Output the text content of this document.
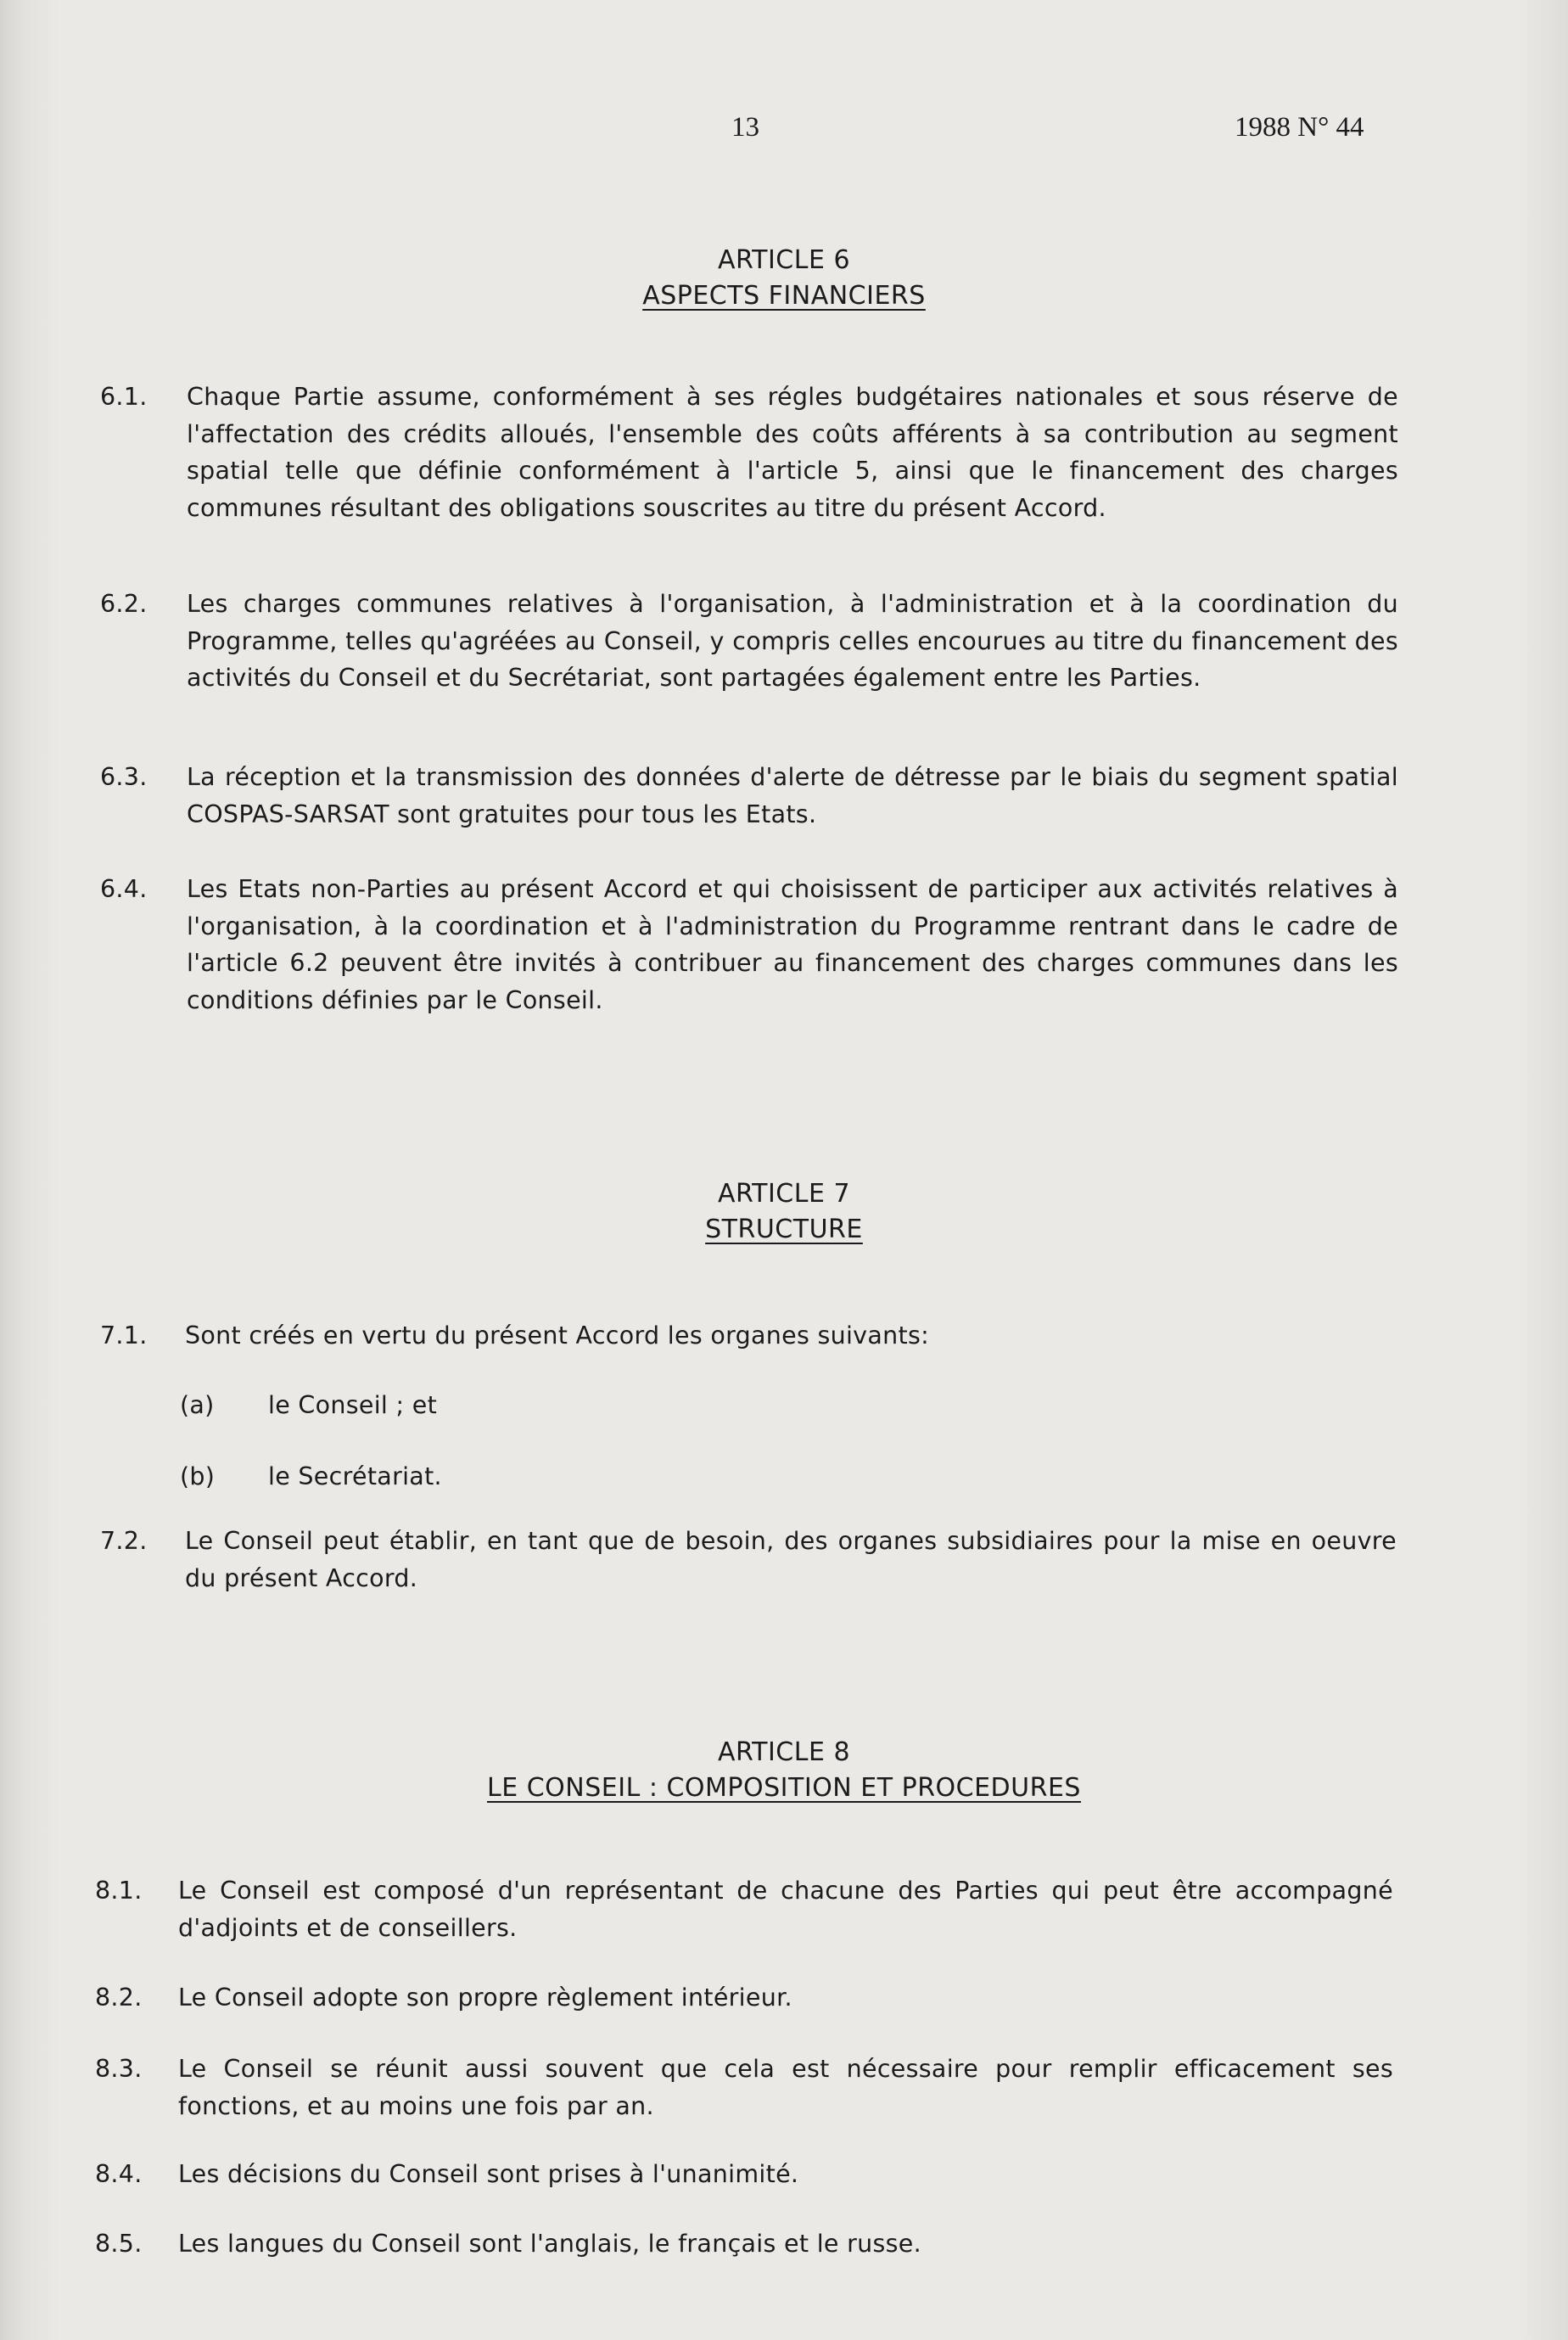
13	1988 N° 44
ARTICLE 6
ASPECTS FINANCIERS
6.1.	Chaque Partie assume, conformément à ses régles budgétaires nationales et sous réserve de l'affectation des crédits alloués, l'ensemble des coûts afférents à sa contribution au segment spatial telle que définie conformément à l'article 5, ainsi que le financement des charges communes résultant des obligations souscrites au titre du présent Accord.
6.2.	Les charges communes relatives à l'organisation, à l'administration et à la coordination du Programme, telles qu'agréées au Conseil, y compris celles encourues au titre du financement des activités du Conseil et du Secrétariat, sont partagées également entre les Parties.
6.3.	La réception et la transmission des données d'alerte de détresse par le biais du segment spatial COSPAS-SARSAT sont gratuites pour tous les Etats.
6.4.	Les Etats non-Parties au présent Accord et qui choisissent de participer aux activités relatives à l'organisation, à la coordination et à l'administration du Programme rentrant dans le cadre de l'article 6.2 peuvent être invités à contribuer au financement des charges communes dans les conditions définies par le Conseil.
ARTICLE 7
STRUCTURE
7.1.	Sont créés en vertu du présent Accord les organes suivants:
(a) le Conseil ; et
(b) le Secrétariat.
7.2.	Le Conseil peut établir, en tant que de besoin, des organes subsidiaires pour la mise en oeuvre du présent Accord.
ARTICLE 8
LE CONSEIL : COMPOSITION ET PROCEDURES
8.1.	Le Conseil est composé d'un représentant de chacune des Parties qui peut être accompagné d'adjoints et de conseillers.
8.2.	Le Conseil adopte son propre règlement intérieur.
8.3.	Le Conseil se réunit aussi souvent que cela est nécessaire pour remplir efficacement ses fonctions, et au moins une fois par an.
8.4.	Les décisions du Conseil sont prises à l'unanimité.
8.5.	Les langues du Conseil sont l'anglais, le français et le russe.
